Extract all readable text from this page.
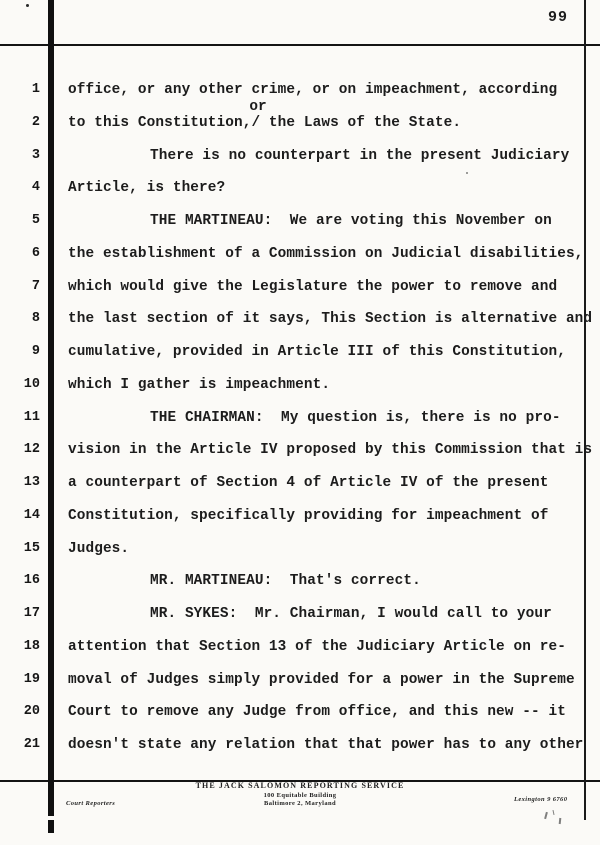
99
or
1 office, or any other crime, or on impeachment, according
2 to this Constitution,/ the Laws of the State.
3	There is no counterpart in the present Judiciary
4 Article, is there?
5	THE MARTINEAU:  We are voting this November on
6 the establishment of a Commission on Judicial disabilities,
7 which would give the Legislature the power to remove and
8 the last section of it says, This Section is alternative and
9 cumulative, provided in Article III of this Constitution,
10 which I gather is impeachment.
11	THE CHAIRMAN:  My question is, there is no pro-
12 vision in the Article IV proposed by this Commission that is
13 a counterpart of Section 4 of Article IV of the present
14 Constitution, specifically providing for impeachment of
15 Judges.
16	MR. MARTINEAU:  That's correct.
17	MR. SYKES:  Mr. Chairman, I would call to your
18 attention that Section 13 of the Judiciary Article on re-
19 moval of Judges simply provided for a power in the Supreme
20 Court to remove any Judge from office, and this new -- it
21 doesn't state any relation that that power has to any other
THE JACK SALOMON REPORTING SERVICE
100 Equitable Building
Baltimore 2, Maryland
Court Reporters
Lexington 9 6760
